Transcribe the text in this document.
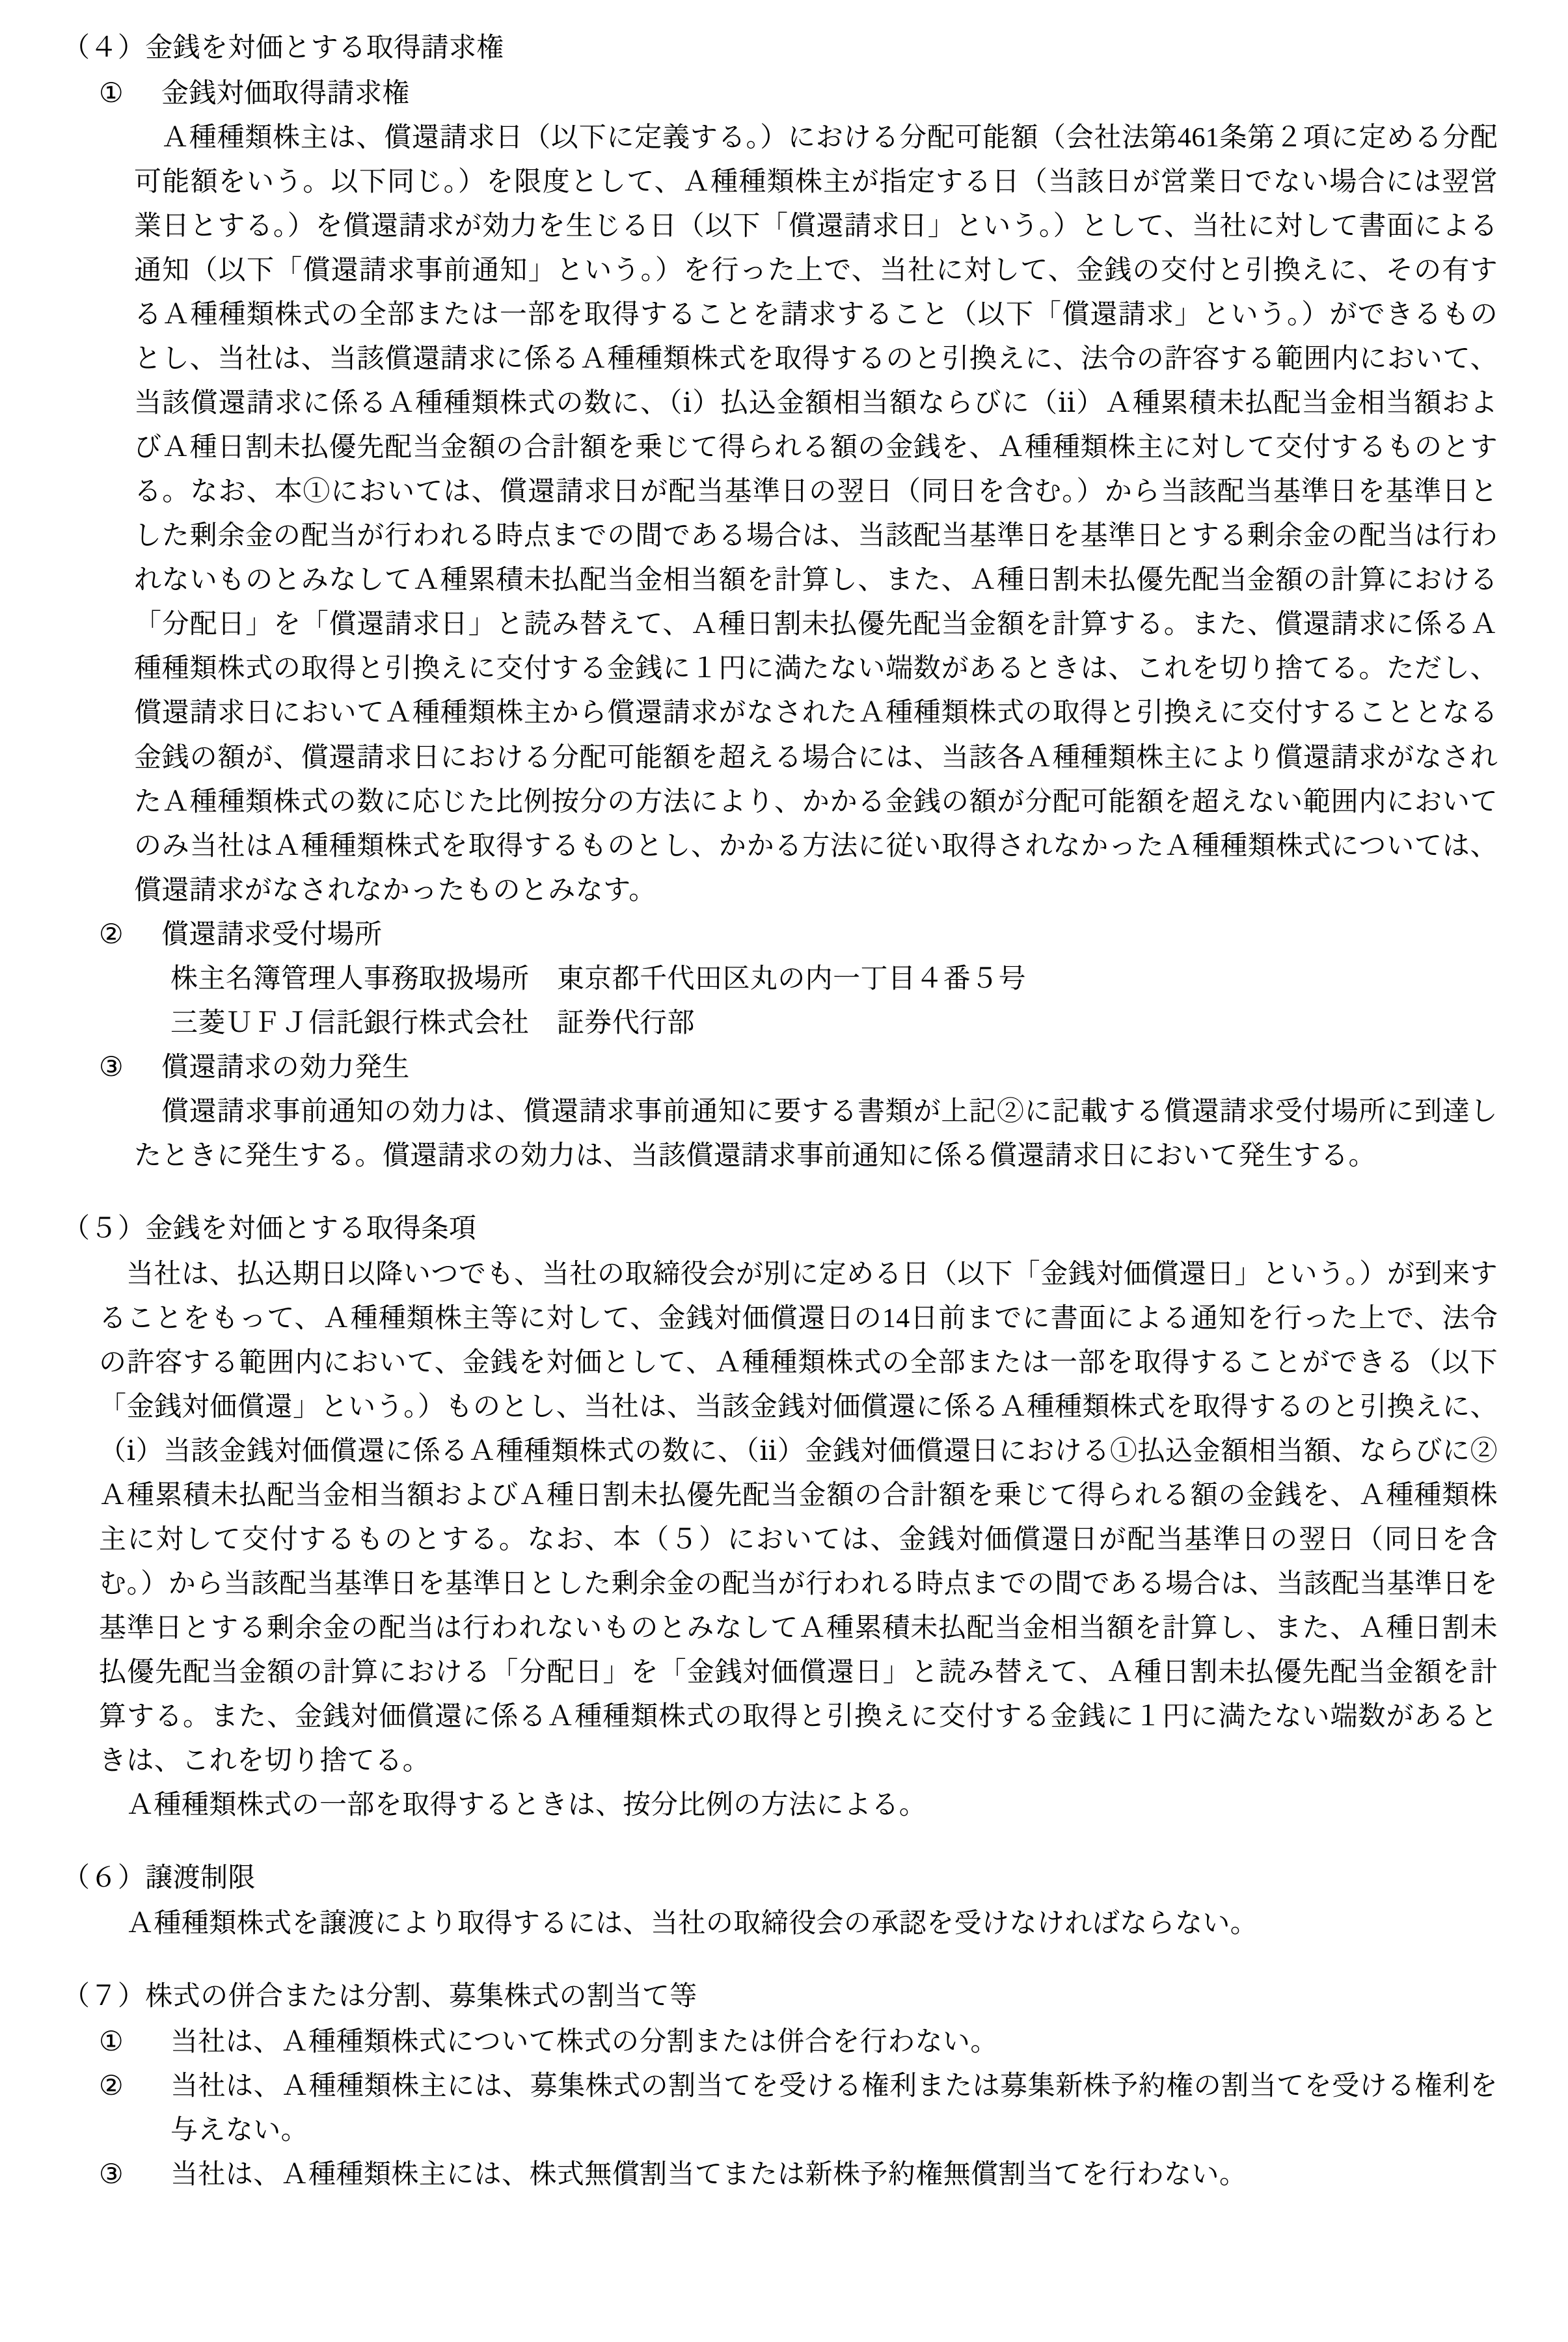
（４）金銭を対価とする取得請求権

① 金銭対価取得請求権

Ａ種種類株主は、償還請求日（以下に定義する。）における分配可能額（会社法第461条第２項に定める分配可能額をいう。以下同じ。）を限度として、Ａ種種類株主が指定する日（当該日が営業日でない場合には翌営業日とする。）を償還請求が効力を生じる日（以下「償還請求日」という。）として、当社に対して書面による通知（以下「償還請求事前通知」という。）を行った上で、当社に対して、金銭の交付と引換えに、その有するＡ種種類株式の全部または一部を取得することを請求すること（以下「償還請求」という。）ができるものとし、当社は、当該償還請求に係るＡ種種類株式を取得するのと引換えに、法令の許容する範囲内において、当該償還請求に係るＡ種種類株式の数に、（ⅰ）払込金額相当額ならびに（ⅱ）Ａ種累積未払配当金相当額およびＡ種日割未払優先配当金額の合計額を乗じて得られる額の金銭を、Ａ種種類株主に対して交付するものとする。なお、本①においては、償還請求日が配当基準日の翌日（同日を含む。）から当該配当基準日を基準日とした剰余金の配当が行われる時点までの間である場合は、当該配当基準日を基準日とする剰余金の配当は行われないものとみなしてＡ種累積未払配当金相当額を計算し、また、Ａ種日割未払優先配当金額の計算における「分配日」を「償還請求日」と読み替えて、Ａ種日割未払優先配当金額を計算する。また、償還請求に係るＡ種種類株式の取得と引換えに交付する金銭に１円に満たない端数があるときは、これを切り捨てる。ただし、償還請求日においてＡ種種類株主から償還請求がなされたＡ種種類株式の取得と引換えに交付することとなる金銭の額が、償還請求日における分配可能額を超える場合には、当該各Ａ種種類株主により償還請求がなされたＡ種種類株式の数に応じた比例按分の方法により、かかる金銭の額が分配可能額を超えない範囲内においてのみ当社はＡ種種類株式を取得するものとし、かかる方法に従い取得されなかったＡ種種類株式については、償還請求がなされなかったものとみなす。

② 償還請求受付場所

株主名簿管理人事務取扱場所　東京都千代田区丸の内一丁目４番５号

三菱ＵＦＪ信託銀行株式会社　証券代行部

③ 償還請求の効力発生

償還請求事前通知の効力は、償還請求事前通知に要する書類が上記②に記載する償還請求受付場所に到達したときに発生する。償還請求の効力は、当該償還請求事前通知に係る償還請求日において発生する。

（５）金銭を対価とする取得条項

当社は、払込期日以降いつでも、当社の取締役会が別に定める日（以下「金銭対価償還日」という。）が到来することをもって、Ａ種種類株主等に対して、金銭対価償還日の14日前までに書面による通知を行った上で、法令の許容する範囲内において、金銭を対価として、Ａ種種類株式の全部または一部を取得することができる（以下「金銭対価償還」という。）ものとし、当社は、当該金銭対価償還に係るＡ種種類株式を取得するのと引換えに、（ⅰ）当該金銭対価償還に係るＡ種種類株式の数に、（ⅱ）金銭対価償還日における①払込金額相当額、ならびに②Ａ種累積未払配当金相当額およびＡ種日割未払優先配当金額の合計額を乗じて得られる額の金銭を、Ａ種種類株主に対して交付するものとする。なお、本（５）においては、金銭対価償還日が配当基準日の翌日（同日を含む。）から当該配当基準日を基準日とした剰余金の配当が行われる時点までの間である場合は、当該配当基準日を基準日とする剰余金の配当は行われないものとみなしてＡ種累積未払配当金相当額を計算し、また、Ａ種日割未払優先配当金額の計算における「分配日」を「金銭対価償還日」と読み替えて、Ａ種日割未払優先配当金額を計算する。また、金銭対価償還に係るＡ種種類株式の取得と引換えに交付する金銭に１円に満たない端数があるときは、これを切り捨てる。

Ａ種種類株式の一部を取得するときは、按分比例の方法による。

（６）譲渡制限

Ａ種種類株式を譲渡により取得するには、当社の取締役会の承認を受けなければならない。

（７）株式の併合または分割、募集株式の割当て等

① 当社は、Ａ種種類株式について株式の分割または併合を行わない。

② 当社は、Ａ種種類株主には、募集株式の割当てを受ける権利または募集新株予約権の割当てを受ける権利を与えない。

③ 当社は、Ａ種種類株主には、株式無償割当てまたは新株予約権無償割当てを行わない。
